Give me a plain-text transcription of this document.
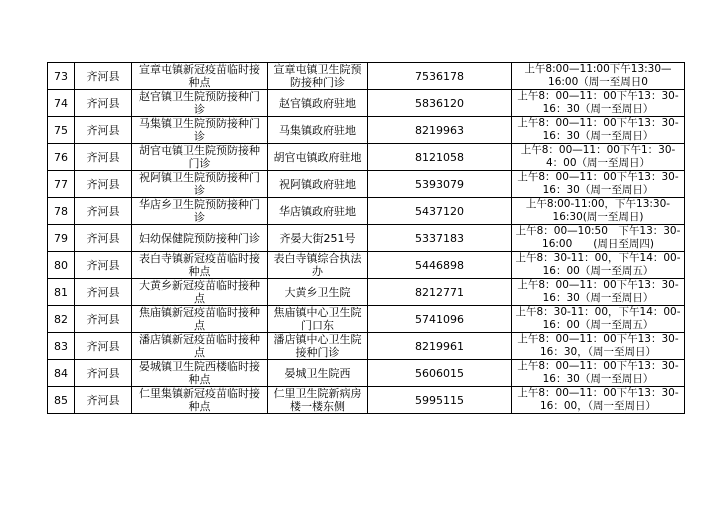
73	齐河县	宣章屯镇新冠疫苗临时接种点	宣章屯镇卫生院预防接种门诊	7536178	上午8:00—11:00下午13:30—16:00（周一至周日0
74	齐河县	赵官镇卫生院预防接种门诊	赵官镇政府驻地	5836120	上午8：00—11：00下午13：30-16：30（周一至周日）
75	齐河县	马集镇卫生院预防接种门诊	马集镇政府驻地	8219963	上午8：00—11：00下午13：30-16：30（周一至周日）
76	齐河县	胡官屯镇卫生院预防接种门诊	胡官屯镇政府驻地	8121058	上午8：00—11：00下午1：30-4：00（周一至周日）
77	齐河县	祝阿镇卫生院预防接种门诊	祝阿镇政府驻地	5393079	上午8：00—11：00下午13：30-16：30（周一至周日）
78	齐河县	华店乡卫生院预防接种门诊	华店镇政府驻地	5437120	上午8:00-11:00，下午13:30-16:30(周一至周日)
79	齐河县	妇幼保健院预防接种门诊	齐晏大街251号	5337183	上午8：00—10:50　下午13：30-16:00　　(周日至周四)
80	齐河县	表白寺镇新冠疫苗临时接种点	表白寺镇综合执法办	5446898	上午8：30-11：00，下午14：00-16：00（周一至周五）
81	齐河县	大黄乡新冠疫苗临时接种点	大黄乡卫生院	8212771	上午8：00—11：00下午13：30-16：30（周一至周日）
82	齐河县	焦庙镇新冠疫苗临时接种点	焦庙镇中心卫生院门口东	5741096	上午8：30-11：00，下午14：00-16：00（周一至周五）
83	齐河县	潘店镇新冠疫苗临时接种点	潘店镇中心卫生院接种门诊	8219961	上午8：00—11：00下午13：30-16：30，（周一至周日）
84	齐河县	晏城镇卫生院西楼临时接种点	晏城卫生院西	5606015	上午8：00—11：00下午13：30-16：30（周一至周日）
85	齐河县	仁里集镇新冠疫苗临时接种点	仁里卫生院新病房楼一楼东侧	5995115	上午8：00—11：00下午13：30-16：00，（周一至周日）
